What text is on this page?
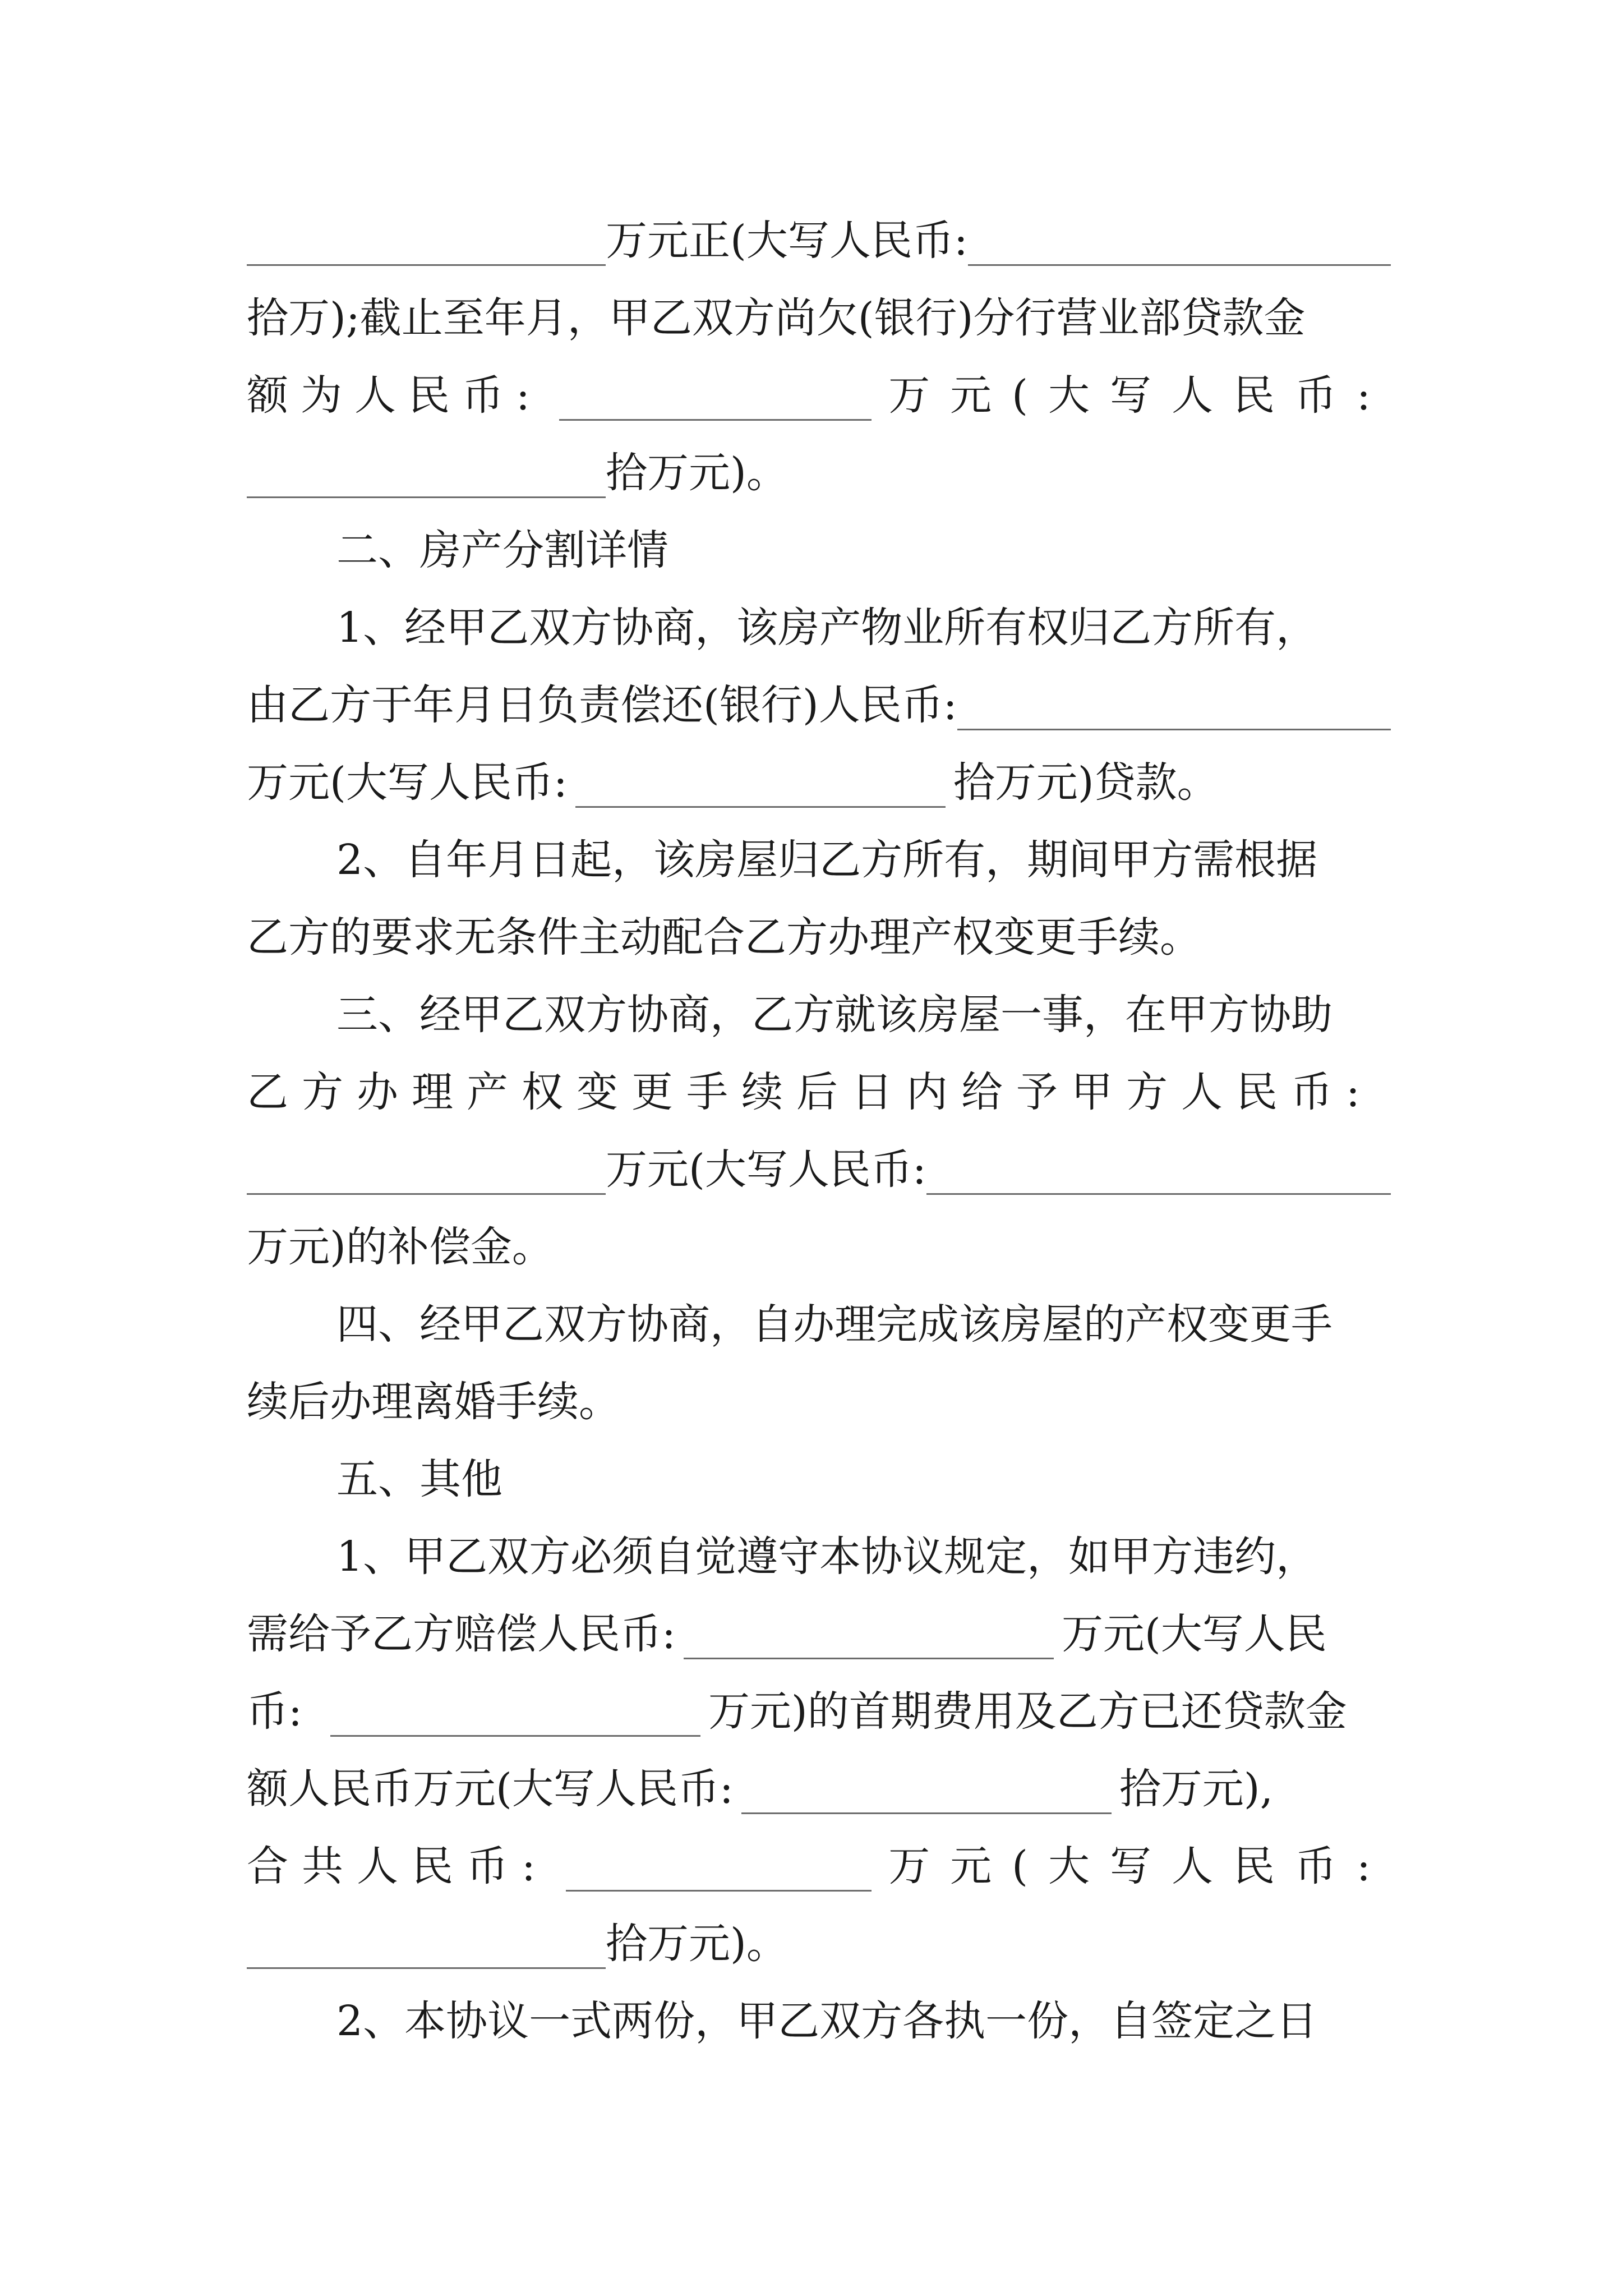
万元正(大写人民币:
拾万);截止至年月，甲乙双方尚欠(银行)分行营业部贷款金
额为人民币:	万元(大写人民币:
拾万元)。
二、房产分割详情
1、经甲乙双方协商，该房产物业所有权归乙方所有，
由乙方于年月日负责偿还(银行)人民币:
万元(大写人民币:	拾万元)贷款。
2、自年月日起，该房屋归乙方所有，期间甲方需根据
乙方的要求无条件主动配合乙方办理产权变更手续。
三、经甲乙双方协商，乙方就该房屋一事，在甲方协助
乙方办理产权变更手续后日内给予甲方人民币:
万元(大写人民币:
万元)的补偿金。
四、经甲乙双方协商，自办理完成该房屋的产权变更手
续后办理离婚手续。
五、其他
1、甲乙双方必须自觉遵守本协议规定，如甲方违约，
需给予乙方赔偿人民币:	万元(大写人民
币:	万元)的首期费用及乙方已还贷款金
额人民币万元(大写人民币:	拾万元),
合共人民币:	万元(大写人民币:
拾万元)。
2、本协议一式两份，甲乙双方各执一份，自签定之日
